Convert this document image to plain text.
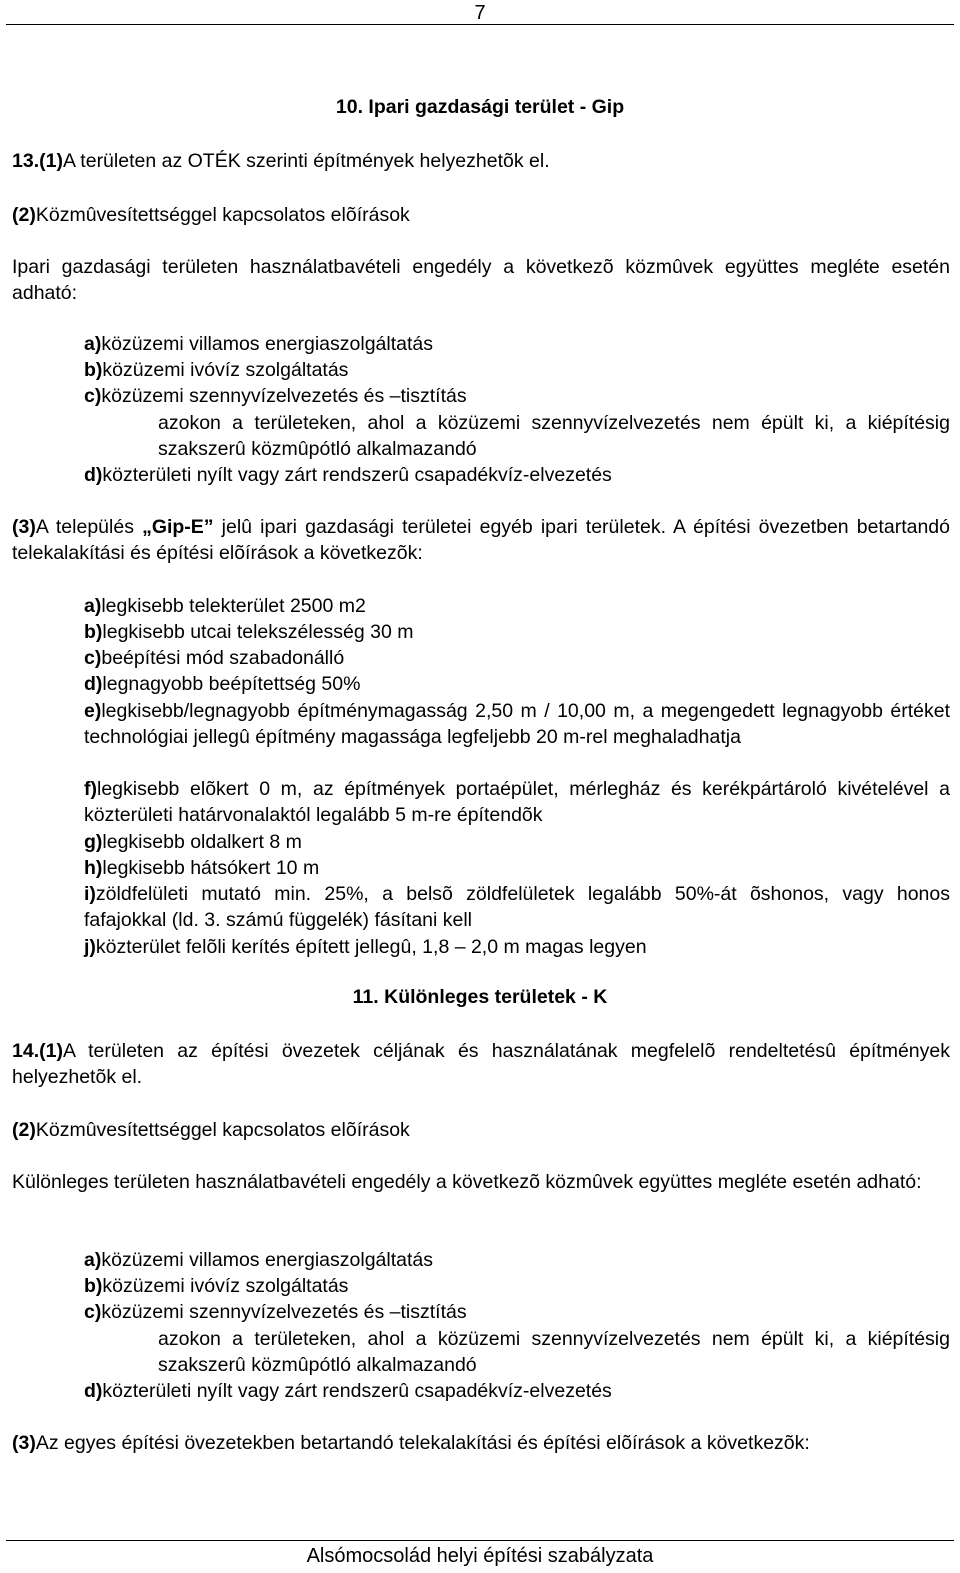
7
10. Ipari gazdasági terület - Gip
13.(1)A területen az OTÉK szerinti építmények helyezhetõk el.
(2)Közmûvesítettséggel kapcsolatos elõírások
Ipari gazdasági területen használatbavételi engedély a következõ közmûvek együttes megléte esetén adható:
a)közüzemi villamos energiaszolgáltatás
b)közüzemi ivóvíz szolgáltatás
c)közüzemi szennyvízelvezetés és –tisztítás
azokon a területeken, ahol a közüzemi szennyvízelvezetés nem épült ki, a kiépítésig szakszerû közmûpótló alkalmazandó
d)közterületi nyílt vagy zárt rendszerû csapadékvíz-elvezetés
(3)A település „Gip-E” jelû ipari gazdasági területei egyéb ipari területek. A építési övezetben betartandó telekalakítási és építési elõírások a következõk:
a)legkisebb telekterület 2500 m2
b)legkisebb utcai telekszélesség 30 m
c)beépítési mód szabadonálló
d)legnagyobb beépítettség 50%
e)legkisebb/legnagyobb építménymagasság 2,50 m / 10,00 m, a megengedett legnagyobb értéket technológiai jellegû építmény magassága legfeljebb 20 m-rel meghaladhatja
f)legkisebb elõkert 0 m, az építmények portaépület, mérlegház és kerékpártároló kivételével a közterületi határvonalaktól legalább 5 m-re építendõk
g)legkisebb oldalkert 8 m
h)legkisebb hátsókert 10 m
i)zöldfelületi mutató min. 25%, a belsõ zöldfelületek legalább 50%-át õshonos, vagy honos fafajokkal (ld. 3. számú függelék) fásítani kell
j)közterület felõli kerítés épített jellegû, 1,8 – 2,0 m magas legyen
11. Különleges területek - K
14.(1)A területen az építési övezetek céljának és használatának megfelelõ rendeltetésû építmények helyezhetõk el.
(2)Közmûvesítettséggel kapcsolatos elõírások
Különleges területen használatbavételi engedély a következõ közmûvek együttes megléte esetén adható:
a)közüzemi villamos energiaszolgáltatás
b)közüzemi ivóvíz szolgáltatás
c)közüzemi szennyvízelvezetés és –tisztítás
azokon a területeken, ahol a közüzemi szennyvízelvezetés nem épült ki, a kiépítésig szakszerû közmûpótló alkalmazandó
d)közterületi nyílt vagy zárt rendszerû csapadékvíz-elvezetés
(3)Az egyes építési övezetekben betartandó telekalakítási és építési elõírások a következõk:
Alsómocsolád helyi építési szabályzata
